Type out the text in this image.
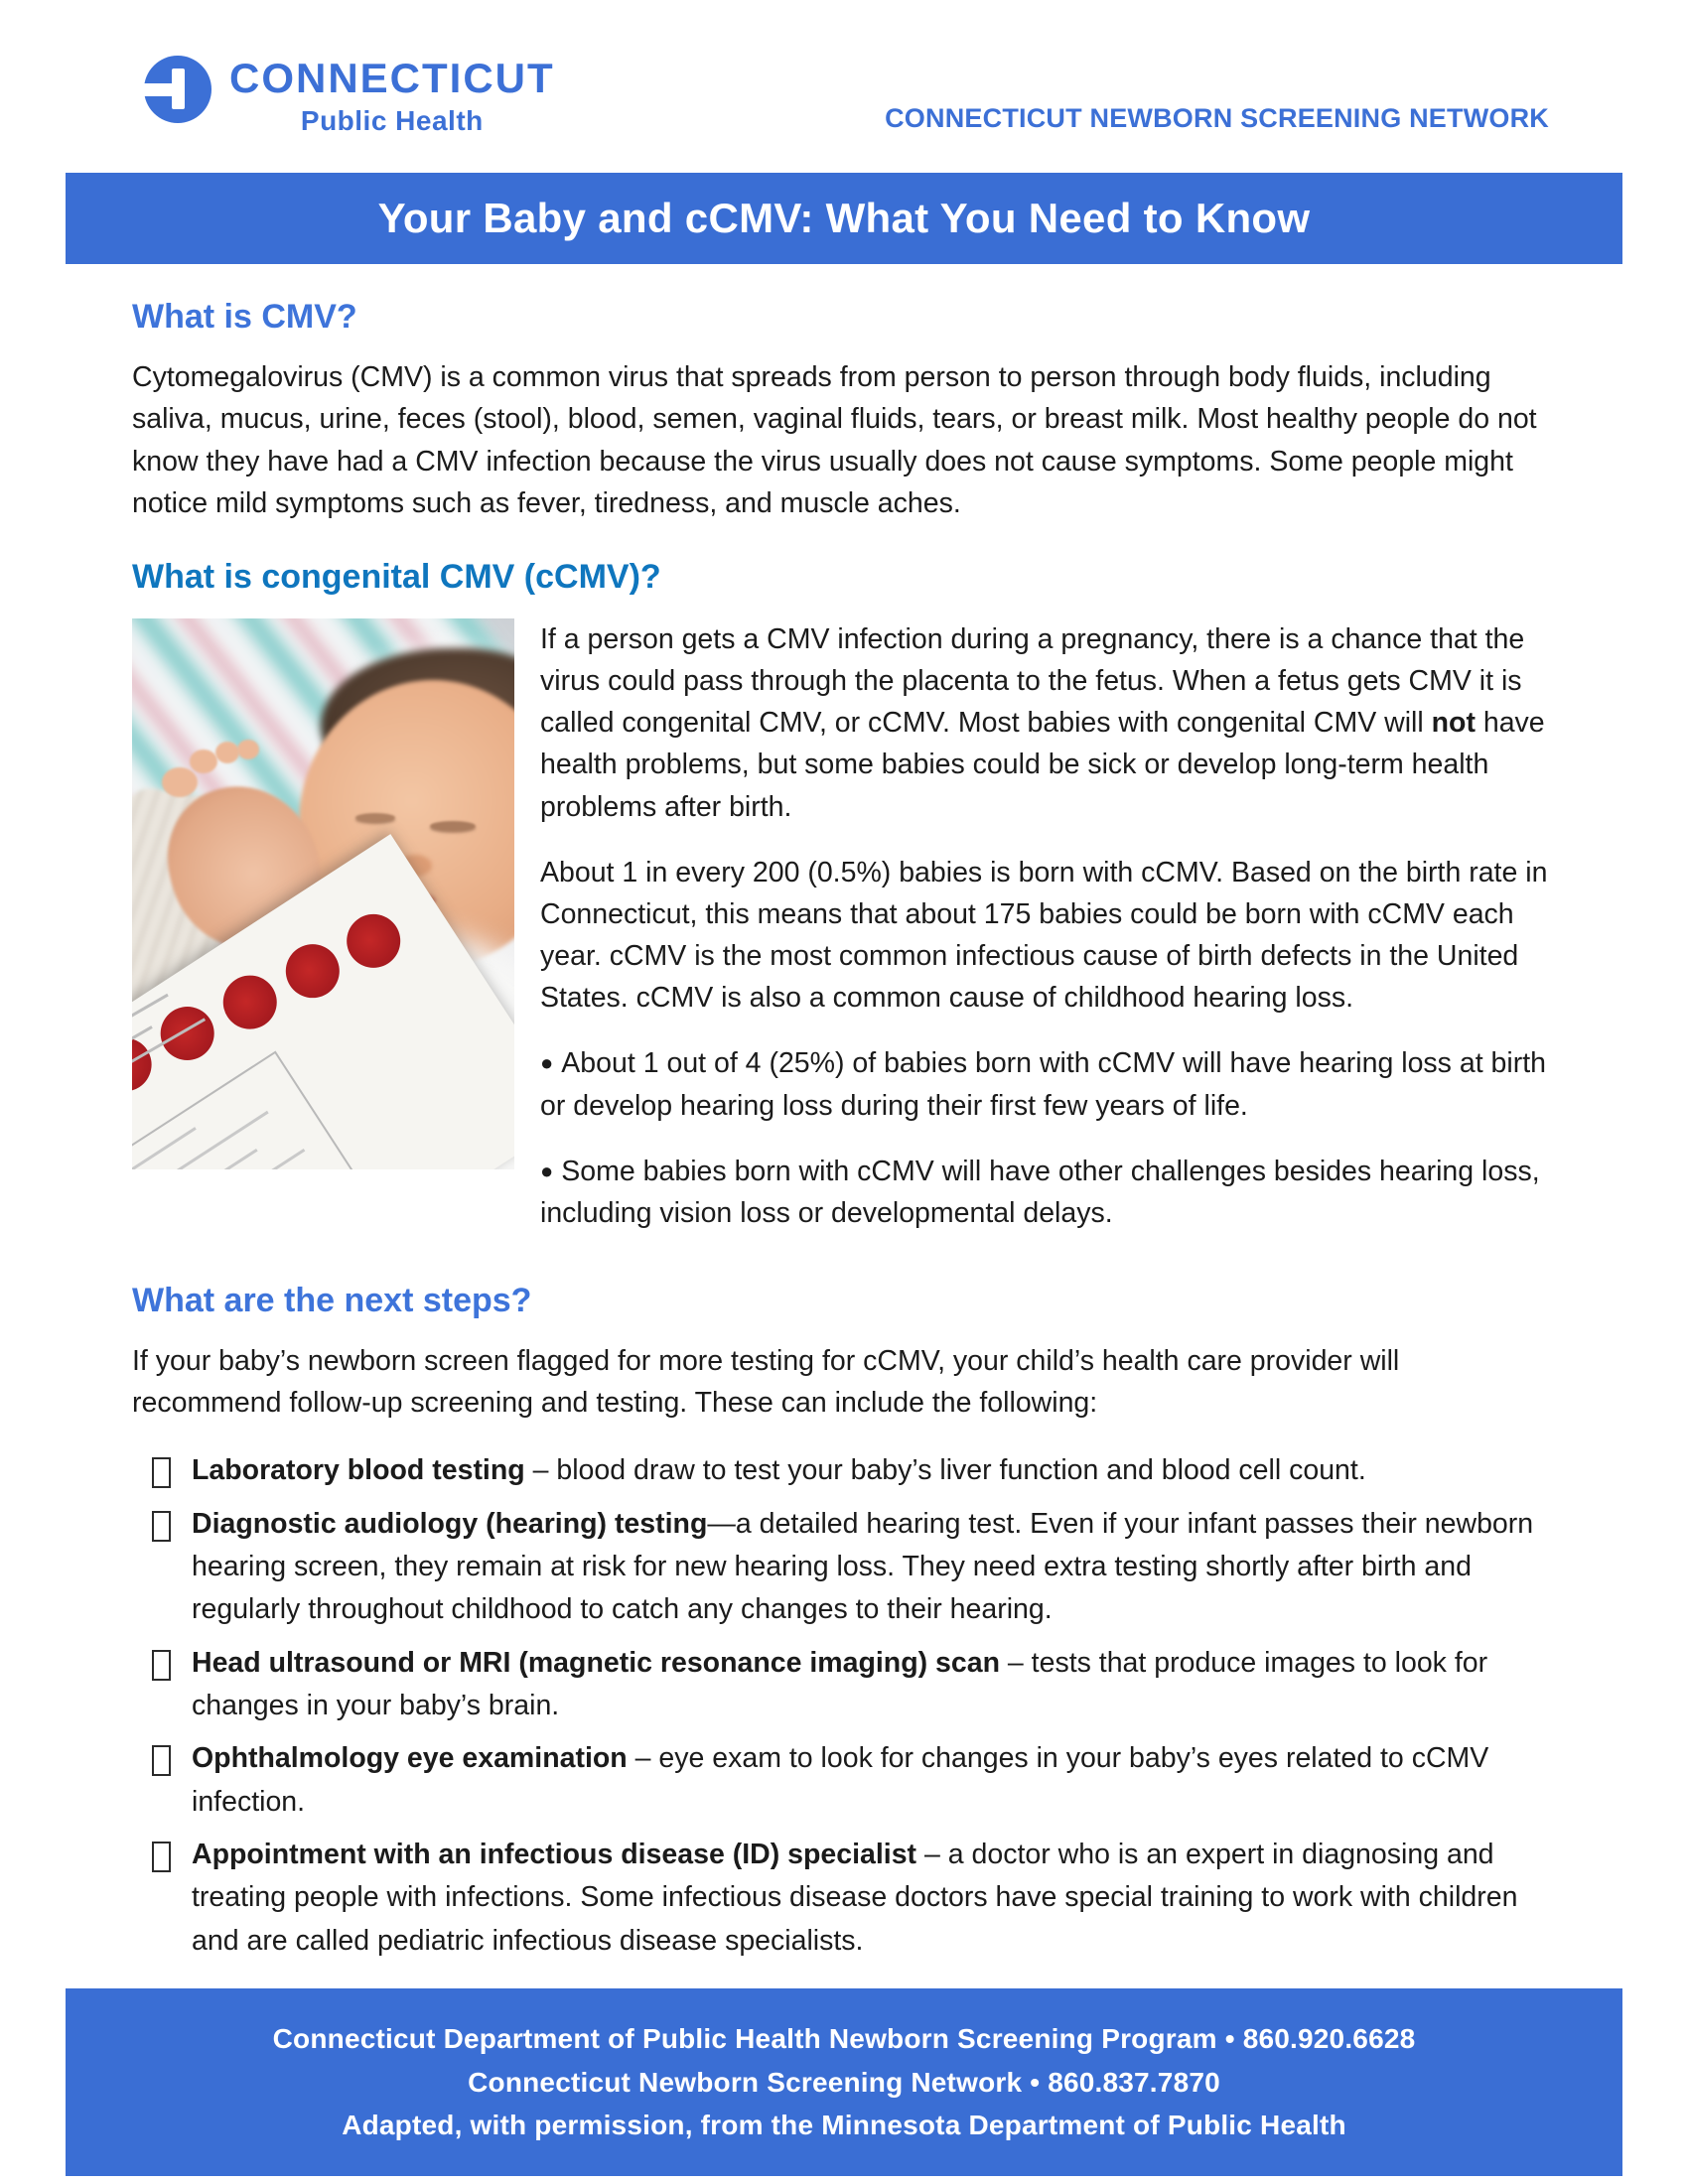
CONNECTICUT
Public Health	CONNECTICUT NEWBORN SCREENING NETWORK
Your Baby and cCMV: What You Need to Know
What is CMV?

Cytomegalovirus (CMV) is a common virus that spreads from person to person through body fluids, including saliva, mucus, urine, feces (stool), blood, semen, vaginal fluids, tears, or breast milk. Most healthy people do not know they have had a CMV infection because the virus usually does not cause symptoms. Some people might notice mild symptoms such as fever, tiredness, and muscle aches.

What is congenital CMV (cCMV)?

If a person gets a CMV infection during a pregnancy, there is a chance that the virus could pass through the placenta to the fetus. When a fetus gets CMV it is called congenital CMV, or cCMV. Most babies with congenital CMV will not have health problems, but some babies could be sick or develop long-term health problems after birth.

About 1 in every 200 (0.5%) babies is born with cCMV. Based on the birth rate in Connecticut, this means that about 175 babies could be born with cCMV each year. cCMV is the most common infectious cause of birth defects in the United States. cCMV is also a common cause of childhood hearing loss.

● About 1 out of 4 (25%) of babies born with cCMV will have hearing loss at birth or develop hearing loss during their first few years of life.

● Some babies born with cCMV will have other challenges besides hearing loss, including vision loss or developmental delays.

What are the next steps?

If your baby’s newborn screen flagged for more testing for cCMV, your child’s health care provider will recommend follow-up screening and testing. These can include the following:

Laboratory blood testing – blood draw to test your baby’s liver function and blood cell count.
Diagnostic audiology (hearing) testing—a detailed hearing test. Even if your infant passes their newborn hearing screen, they remain at risk for new hearing loss. They need extra testing shortly after birth and regularly throughout childhood to catch any changes to their hearing.
Head ultrasound or MRI (magnetic resonance imaging) scan – tests that produce images to look for changes in your baby’s brain.
Ophthalmology eye examination – eye exam to look for changes in your baby’s eyes related to cCMV infection.
Appointment with an infectious disease (ID) specialist – a doctor who is an expert in diagnosing and treating people with infections. Some infectious disease doctors have special training to work with children and are called pediatric infectious disease specialists.
Connecticut Department of Public Health Newborn Screening Program • 860.920.6628
Connecticut Newborn Screening Network • 860.837.7870
Adapted, with permission, from the Minnesota Department of Public Health
